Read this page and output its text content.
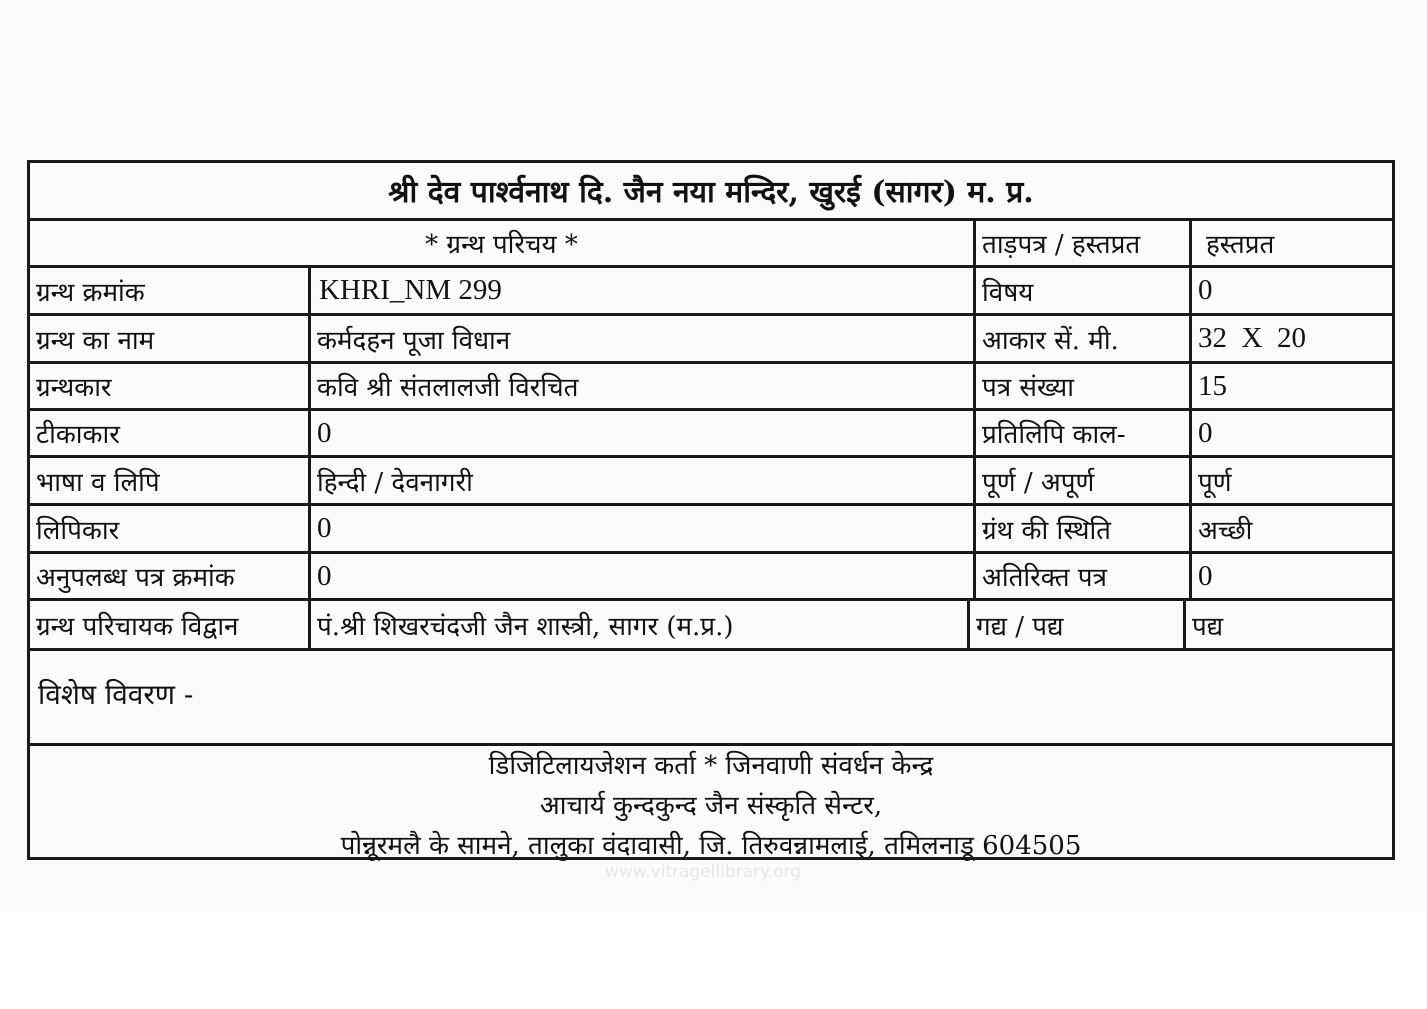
श्री देव पार्श्वनाथ दि. जैन नया मन्दिर, खुरई (सागर) म. प्र.
* ग्रन्थ परिचय *	ताड़पत्र / हस्तप्रत	हस्तप्रत
ग्रन्थ क्रमांक	KHRI_NM 299	विषय	0
ग्रन्थ का नाम	कर्मदहन पूजा विधान	आकार सें. मी.	32  X  20
ग्रन्थकार	कवि श्री संतलालजी विरचित	पत्र संख्या	15
टीकाकार	0	प्रतिलिपि काल-	0
भाषा व लिपि	हिन्दी / देवनागरी	पूर्ण / अपूर्ण	पूर्ण
लिपिकार	0	ग्रंथ की स्थिति	अच्छी
अनुपलब्ध पत्र क्रमांक	0	अतिरिक्त पत्र	0
ग्रन्थ परिचायक विद्वान	पं.श्री शिखरचंदजी जैन शास्त्री, सागर (म.प्र.)	गद्य / पद्य	पद्य
विशेष विवरण -
डिजिटिलायजेशन कर्ता * जिनवाणी संवर्धन केन्द्र
आचार्य कुन्दकुन्द जैन संस्कृति सेन्टर,
पोन्नूरमलै के सामने, तालुका वंदावासी, जि. तिरुवन्नामलाई, तमिलनाडू 604505
www.vitragellibrary.org
